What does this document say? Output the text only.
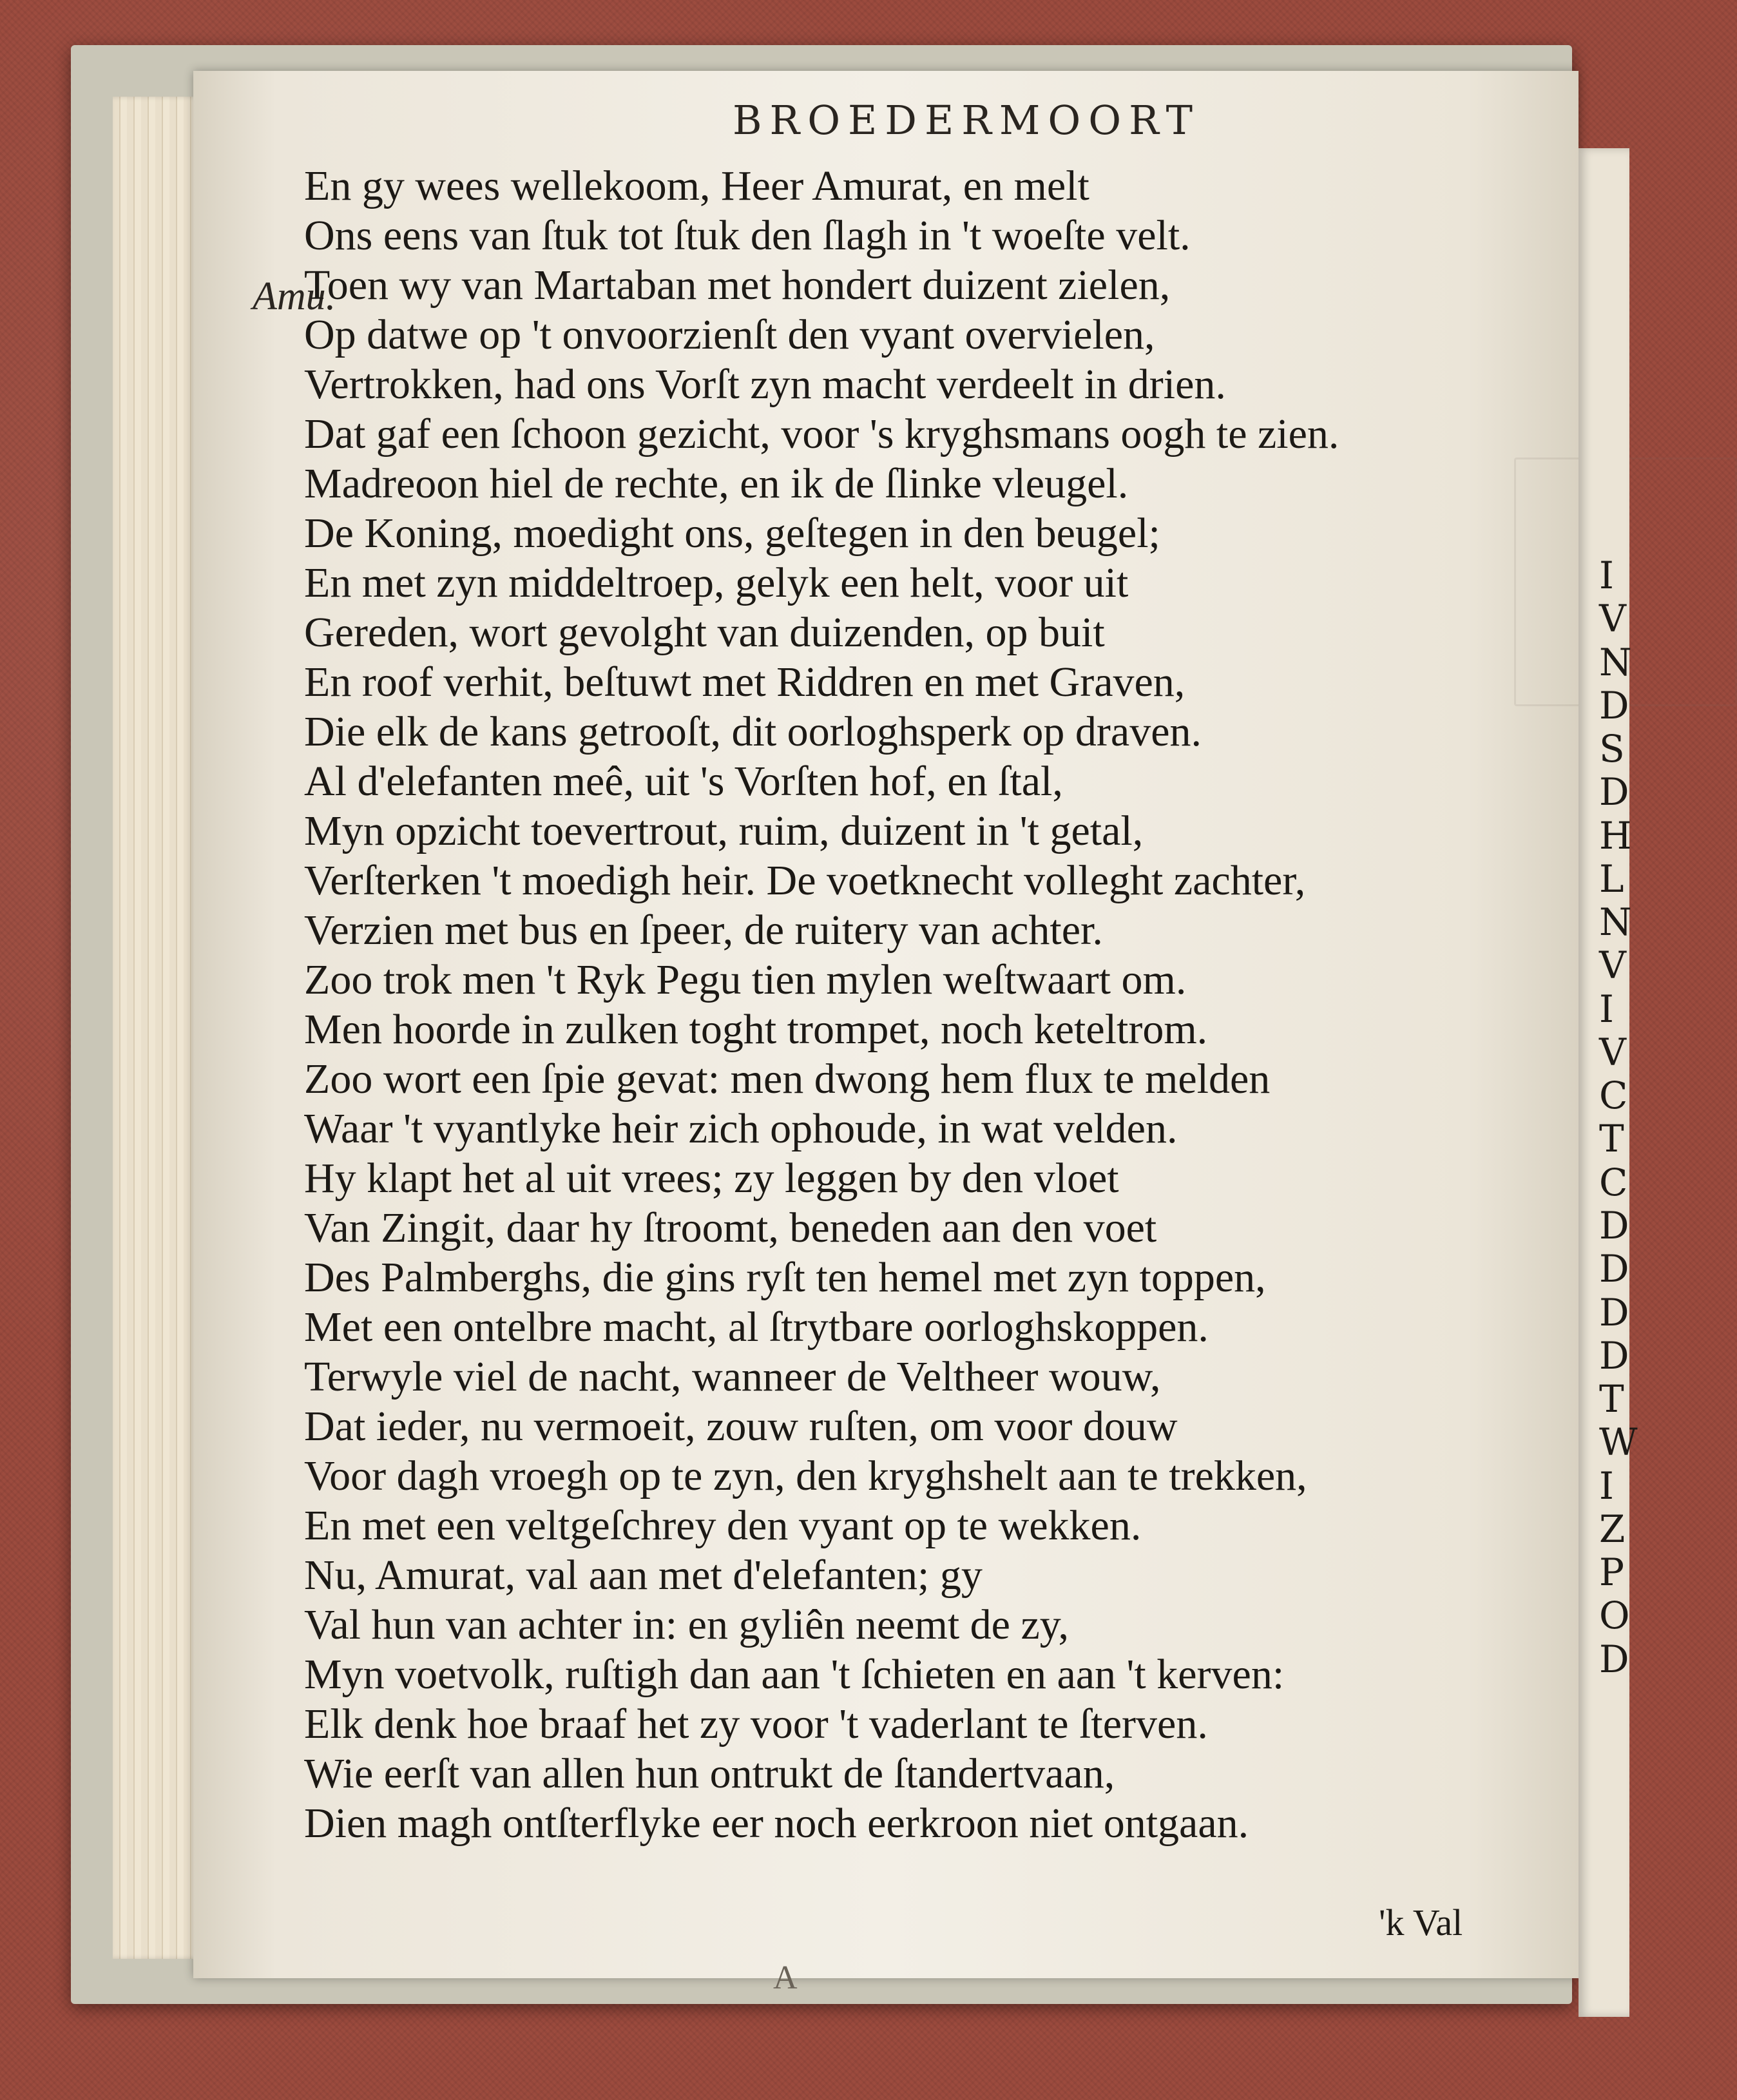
I
V
N
D
S
D
H
L
N
V
I
V
C
T
C
D
D
D
D
T
W
I
Z
P
O
D
BROEDERMOORT
Amu.
En gy wees wellekoom, Heer Amurat, en melt
Ons eens van ſtuk tot ſtuk den ſlagh in 't woeſte velt.
Toen wy van Martaban met hondert duizent zielen,
Op datwe op 't onvoorzienſt den vyant overvielen,
Vertrokken, had ons Vorſt zyn macht verdeelt in drien.
Dat gaf een ſchoon gezicht, voor 's kryghsmans oogh te zien.
Madreoon hiel de rechte, en ik de ſlinke vleugel.
De Koning, moedight ons, geſtegen in den beugel;
En met zyn middeltroep, gelyk een helt, voor uit
Gereden, wort gevolght van duizenden, op buit
En roof verhit, beſtuwt met Riddren en met Graven,
Die elk de kans getrooſt, dit oorloghsperk op draven.
Al d'elefanten meê, uit 's Vorſten hof, en ſtal,
Myn opzicht toevertrout, ruim, duizent in 't getal,
Verſterken 't moedigh heir. De voetknecht volleght zachter,
Verzien met bus en ſpeer, de ruitery van achter.
Zoo trok men 't Ryk Pegu tien mylen weſtwaart om.
Men hoorde in zulken toght trompet, noch keteltrom.
Zoo wort een ſpie gevat: men dwong hem flux te melden
Waar 't vyantlyke heir zich ophoude, in wat velden.
Hy klapt het al uit vrees; zy leggen by den vloet
Van Zingit, daar hy ſtroomt, beneden aan den voet
Des Palmberghs, die gins ryſt ten hemel met zyn toppen,
Met een ontelbre macht, al ſtrytbare oorloghskoppen.
Terwyle viel de nacht, wanneer de Veltheer wouw,
Dat ieder, nu vermoeit, zouw ruſten, om voor douw
Voor dagh vroegh op te zyn, den kryghshelt aan te trekken,
En met een veltgeſchrey den vyant op te wekken.
Nu, Amurat, val aan met d'elefanten; gy
Val hun van achter in: en gyliên neemt de zy,
Myn voetvolk, ruſtigh dan aan 't ſchieten en aan 't kerven:
Elk denk hoe braaf het zy voor 't vaderlant te ſterven.
Wie eerſt van allen hun ontrukt de ſtandertvaan,
Dien magh ontſterflyke eer noch eerkroon niet ontgaan.
'k Val
A
